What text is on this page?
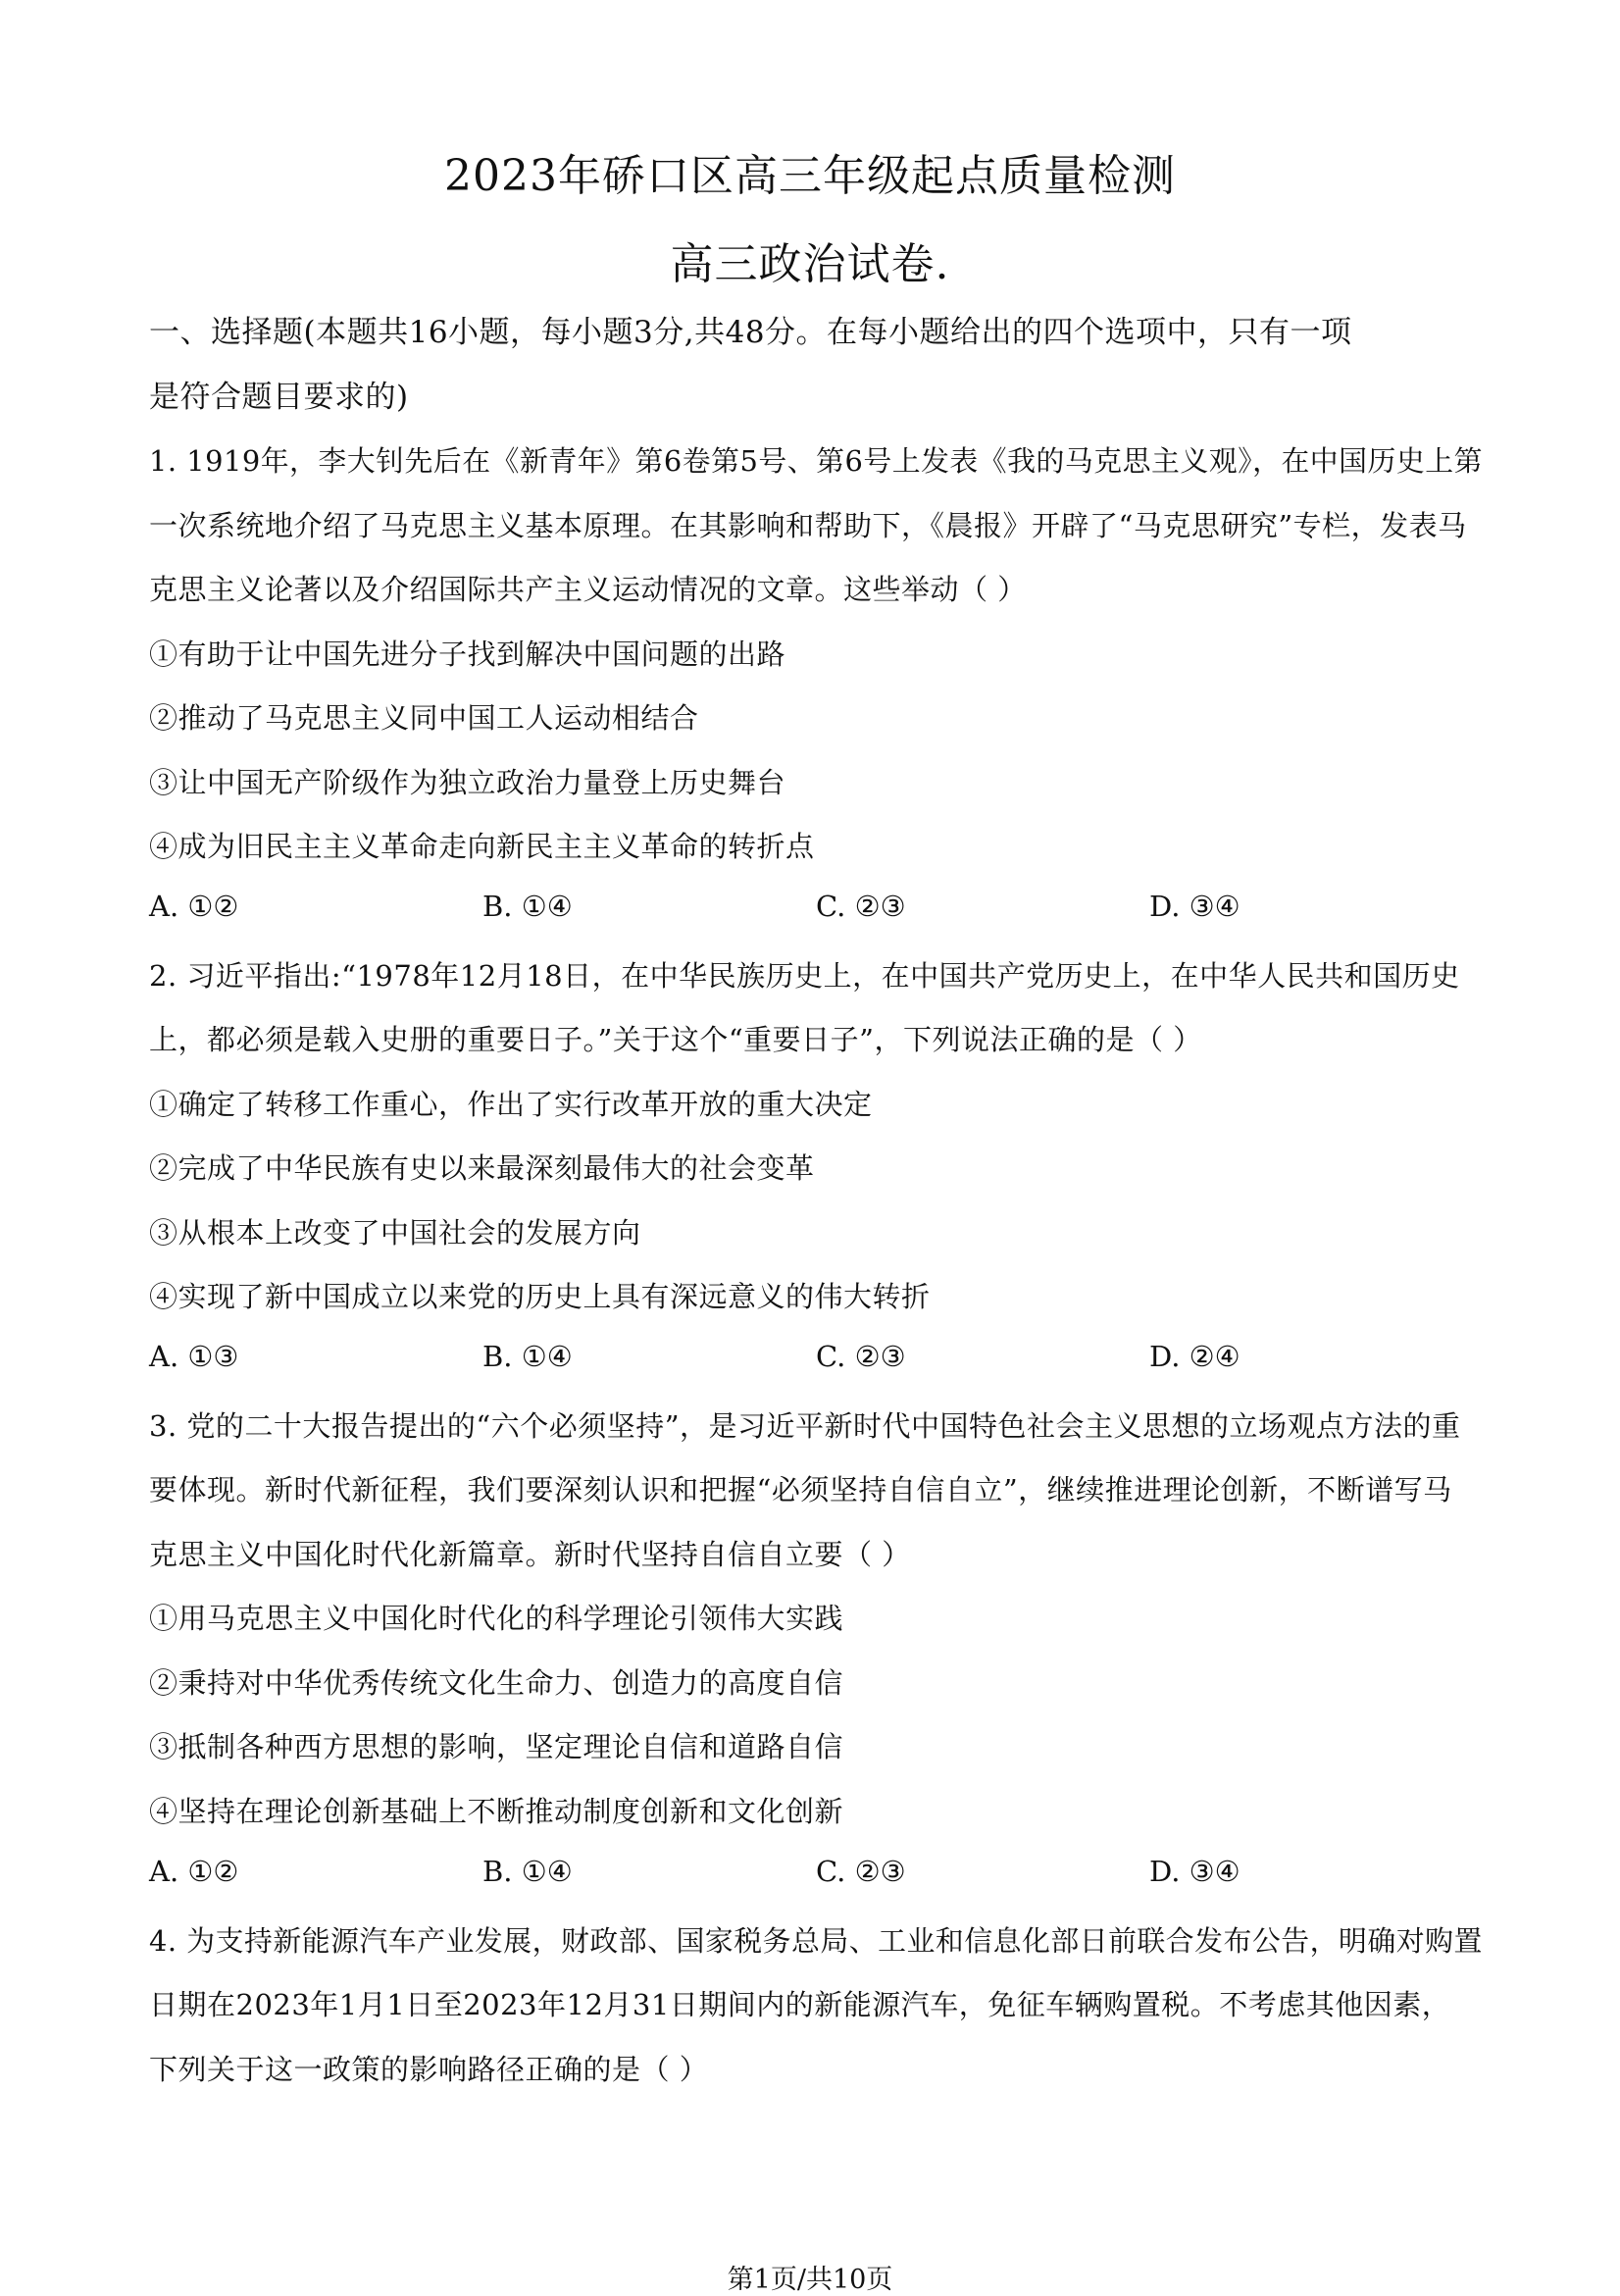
2023年硚口区高三年级起点质量检测
高三政治试卷.
一、选择题(本题共16小题，每小题3分,共48分。在每小题给出的四个选项中，只有一项
是符合题目要求的)
1. 1919年，李大钊先后在《新青年》第6卷第5号、第6号上发表《我的马克思主义观》，在中国历史上第
一次系统地介绍了马克思主义基本原理。在其影响和帮助下，《晨报》开辟了“马克思研究”专栏，发表马
克思主义论著以及介绍国际共产主义运动情况的文章。这些举动（ ）
①有助于让中国先进分子找到解决中国问题的出路
②推动了马克思主义同中国工人运动相结合
③让中国无产阶级作为独立政治力量登上历史舞台
④成为旧民主主义革命走向新民主主义革命的转折点
A. ①②	B. ①④	C. ②③	D. ③④
2. 习近平指出:“1978年12月18日，在中华民族历史上，在中国共产党历史上，在中华人民共和国历史
上，都必须是载入史册的重要日子。”关于这个“重要日子”，下列说法正确的是（ ）
①确定了转移工作重心，作出了实行改革开放的重大决定
②完成了中华民族有史以来最深刻最伟大的社会变革
③从根本上改变了中国社会的发展方向
④实现了新中国成立以来党的历史上具有深远意义的伟大转折
A. ①③	B. ①④	C. ②③	D. ②④
3. 党的二十大报告提出的“六个必须坚持”，是习近平新时代中国特色社会主义思想的立场观点方法的重
要体现。新时代新征程，我们要深刻认识和把握“必须坚持自信自立”，继续推进理论创新，不断谱写马
克思主义中国化时代化新篇章。新时代坚持自信自立要（ ）
①用马克思主义中国化时代化的科学理论引领伟大实践
②秉持对中华优秀传统文化生命力、创造力的高度自信
③抵制各种西方思想的影响，坚定理论自信和道路自信
④坚持在理论创新基础上不断推动制度创新和文化创新
A. ①②	B. ①④	C. ②③	D. ③④
4. 为支持新能源汽车产业发展，财政部、国家税务总局、工业和信息化部日前联合发布公告，明确对购置
日期在2023年1月1日至2023年12月31日期间内的新能源汽车，免征车辆购置税。不考虑其他因素，
下列关于这一政策的影响路径正确的是（ ）
第1页/共10页
